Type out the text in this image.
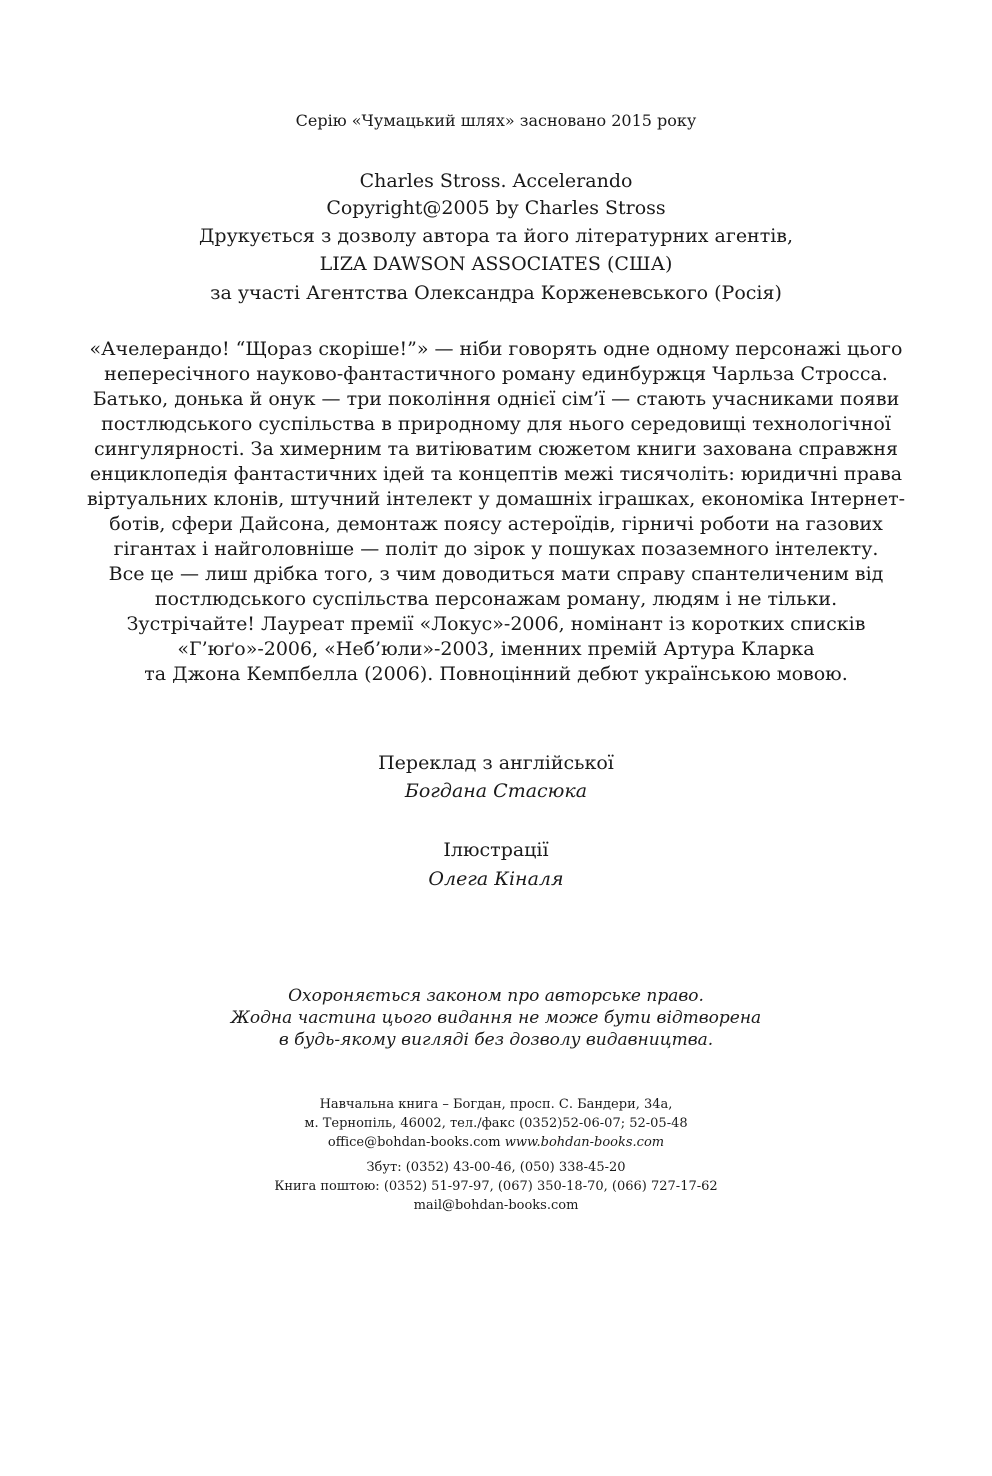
Серію «Чумацький шлях» засновано 2015 року
Charles Stross. Accelerando
Copyright@2005 by Charles Stross
Друкується з дозволу автора та його літературних агентів,
LIZA DAWSON ASSOCIATES (США)
за участі Агентства Олександра Корженевського (Росія)
«Ачелерандо! “Щораз скоріше!”» — ніби говорять одне одному персонажі цього
непересічного науково-фантастичного роману единбуржця Чарльза Стросса.
Батько, донька й онук — три покоління однієї сім’ї — стають учасниками появи
постлюдського суспільства в природному для нього середовищі технологічної
сингулярності. За химерним та витіюватим сюжетом книги захована справжня
енциклопедія фантастичних ідей та концептів межі тисячоліть: юридичні права
віртуальних клонів, штучний інтелект у домашніх іграшках, економіка Інтернет-
ботів, сфери Дайсона, демонтаж поясу астероїдів, гірничі роботи на газових
гігантах і найголовніше — політ до зірок у пошуках позаземного інтелекту.
Все це — лиш дрібка того, з чим доводиться мати справу спантеличеним від
постлюдського суспільства персонажам роману, людям і не тільки.
Зустрічайте! Лауреат премії «Локус»-2006, номінант із коротких списків
«Г’юґо»-2006, «Неб’юли»-2003, іменних премій Артура Кларка
та Джона Кемпбелла (2006). Повноцінний дебют українською мовою.
Переклад з англійської
Богдана Стасюка
Ілюстрації
Олега Кіналя
Охороняється законом про авторське право.
Жодна частина цього видання не може бути відтворена
в будь-якому вигляді без дозволу видавництва.
Навчальна книга – Богдан, просп. С. Бандери, 34а,
м. Тернопіль, 46002, тел./факс (0352)52-06-07; 52-05-48
office@bohdan-books.com www.bohdan-books.com
Збут: (0352) 43-00-46, (050) 338-45-20
Книга поштою: (0352) 51-97-97, (067) 350-18-70, (066) 727-17-62
mail@bohdan-books.com
